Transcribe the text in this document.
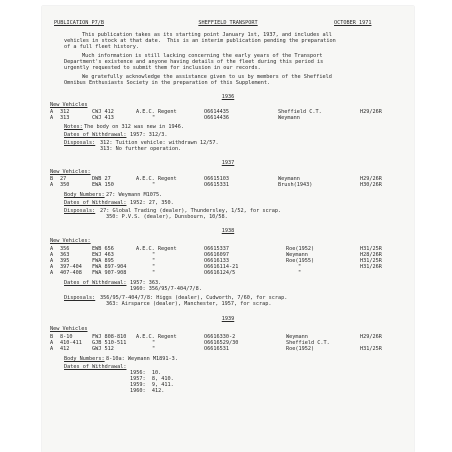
PUBLICATION P7/B	SHEFFIELD TRANSPORT	OCTOBER 1971
This publication takes as its starting point January 1st, 1937, and includes all
vehicles in stock at that date.  This is an interim publication pending the preparation
of a full fleet history.
Much information is still lacking concerning the early years of the Transport
Department's existence and anyone having details of the fleet during this period is
urgently requested to submit them for inclusion in our records.
We gratefully acknowledge the assistance given to us by members of the Sheffield
Omnibus Enthusiasts Society in the preparation of this Supplement.
1936
New Vehicles
A 312	CWJ 412	A.E.C. Regent	O6614435	Sheffield C.T.	H29/26R
A 313	CWJ 413	"	O6614436	Weymann
Notes: The body on 312 was new in 1946.
Dates of Withdrawal: 1957: 312/3.
Disposals: 312: Tuition vehicle: withdrawn 12/57.
313: No further operation.
1937
New Vehicles:
B 27	DWB 27	A.E.C. Regent	O6615103	Weymann	H29/26R
A 350	EWA 150	"	O6615331	Brush(1943)	H30/26R
Body Numbers: 27: Weymann M1075.
Dates of Withdrawal: 1952: 27, 350.
Disposals: 27: Global Trading (dealer), Thundersley, 1/52, for scrap.
350: P.V.S. (dealer), Dunsbourn, 10/58.
1938
New Vehicles:
A 356	EWB 656	A.E.C. Regent	O6615337	Roe(1952)	H31/25R
A 363	EWJ 463	"	O6616097	Weymann	H28/26R
A 395	FWA 895	"	O6616133	Roe(1955)	H31/25R
A 397-404 FWA 897-904	"	O6616114-21	"	H31/26R
A 407-408 FWA 907-908	"	O6616124/5	"
Dates of Withdrawal: 1957: 363.
1960: 356/95/7-404/7/8.
Disposals: 356/95/7-404/7/8: Higgs (dealer), Cudworth, 7/60, for scrap.
363: Airsparce (dealer), Manchester, 1957, for scrap.
1939
New Vehicles
B 8-10	FWJ 808-810 A.E.C. Regent	O6616330-2	Weymann	H29/26R
A 410-411 GJB 510-511	"	O6616529/30	Sheffield C.T.
A 412	GWJ 512	"	O6616531	Roe(1952)	H31/25R
Body Numbers: 8-10a: Weymann M1891-3.
Dates of Withdrawal:
1956:  10.
1957:  8, 410.
1959:  9, 411.
1960:  412.
